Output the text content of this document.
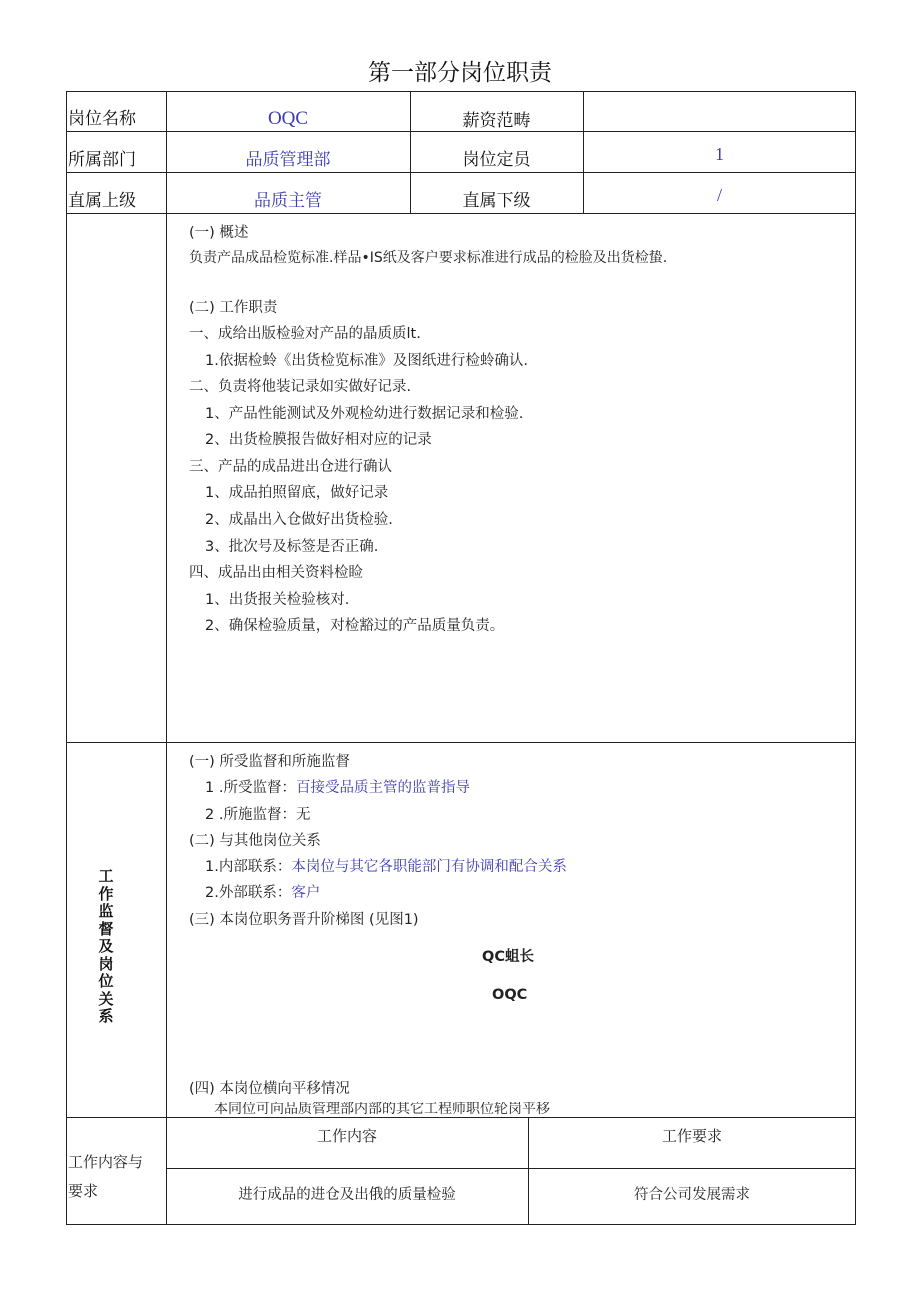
第一部分岗位职责
岗位名称	OQC	薪资范畴
所属部门	品质管理部	岗位定员	1
直属上级	品质主管	直属下级	/
(一) 概述
负责产品成品检览标准.样品•IS纸及客户要求标准进行成品的检脸及出货检蛰.
(二) 工作职责
一、成给出版检验对产品的晶质质lt.
1.依据检蛉《出货检览标准》及图纸进行检蛉确认.
二、负责将他装记录如实做好记录.
1、产品性能测试及外观检幼进行数据记录和检验.
2、出货检膜报告做好相对应的记录
三、产品的成品进出仓进行确认
1、成品拍照留底，做好记录
2、成晶出入仓做好出货检验.
3、批次号及标签是否正确.
四、成品出由相关资料检睑
1、出货报关检验核对.
2、确保检验质量，对检豁过的产品质量负责。
工作监督及岗位关系
(一) 所受监督和所施监督
1 .所受监督：百接受品质主管的监普指导
2 .所施监督：无
(二) 与其他岗位关系
1.内部联系：本岗位与其它各职能部门有协调和配合关系
2.外部联系：客户
(三) 本岗位职务晋升阶梯图 (见图1)
QC蛆长
OQC
(四) 本岗位横向平移情况
本同位可向品质管理部内部的其它工程师职位轮岗平移
工作内容与
要求
工作内容	工作要求
进行成品的进仓及出俄的质量检验	符合公司发展需求
